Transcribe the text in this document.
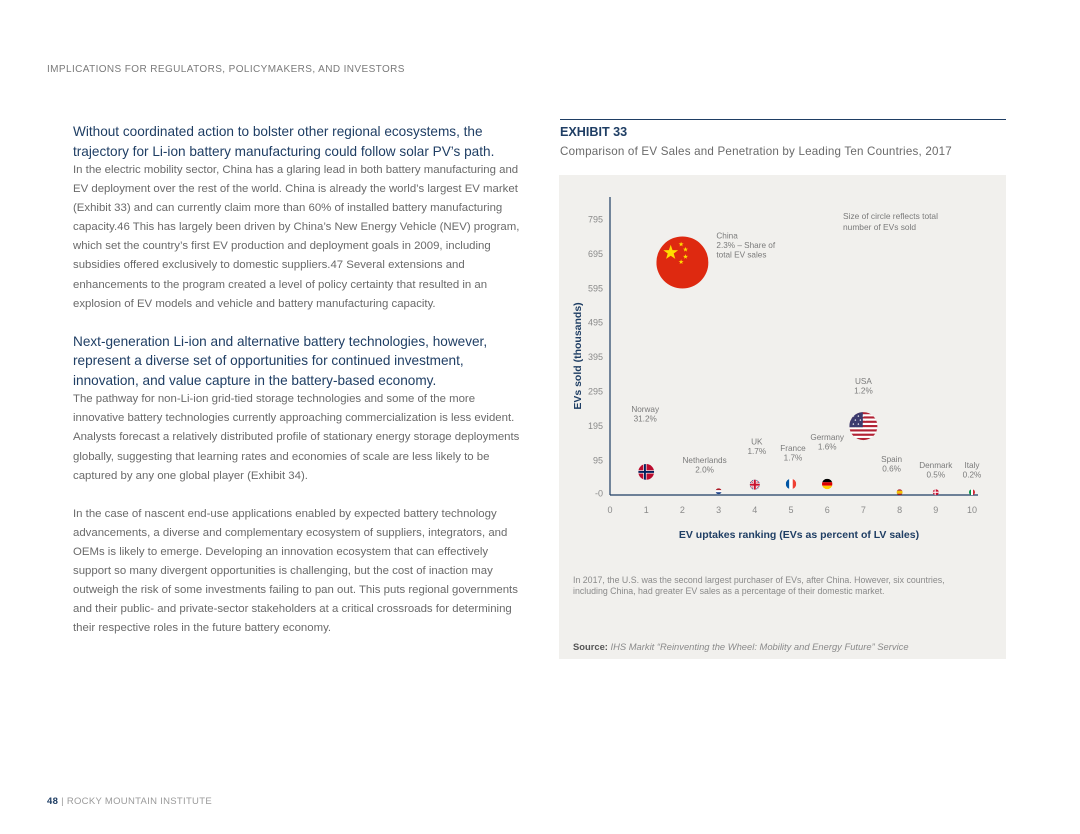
IMPLICATIONS FOR REGULATORS, POLICYMAKERS, AND INVESTORS

Without coordinated action to bolster other regional ecosystems, the trajectory for Li-ion battery manufacturing could follow solar PV’s path.

In the electric mobility sector, China has a glaring lead in both battery manufacturing and EV deployment over the rest of the world. China is already the world’s largest EV market (Exhibit 33) and can currently claim more than 60% of installed battery manufacturing capacity.46 This has largely been driven by China’s New Energy Vehicle (NEV) program, which set the country’s first EV production and deployment goals in 2009, including subsidies offered exclusively to domestic suppliers.47 Several extensions and enhancements to the program created a level of policy certainty that resulted in an explosion of EV models and vehicle and battery manufacturing capacity.

Next-generation Li-ion and alternative battery technologies, however, represent a diverse set of opportunities for continued investment, innovation, and value capture in the battery-based economy.

The pathway for non-Li-ion grid-tied storage technologies and some of the more innovative battery technologies currently approaching commercialization is less evident. Analysts forecast a relatively distributed profile of stationary energy storage deployments globally, suggesting that learning rates and economies of scale are less likely to be captured by any one global player (Exhibit 34).

In the case of nascent end-use applications enabled by expected battery technology advancements, a diverse and complementary ecosystem of suppliers, integrators, and OEMs is likely to emerge. Developing an innovation ecosystem that can effectively support so many divergent opportunities is challenging, but the cost of inaction may outweigh the risk of some investments failing to pan out. This puts regional governments and their public- and private-sector stakeholders at a critical crossroads for determining their respective roles in the future battery economy.

EXHIBIT 33
Comparison of EV Sales and Penetration by Leading Ten Countries, 2017
-0
95
195
295
395
495
595
695
795
0	1	2	3	4	5	6	7	8	9	10
EV uptakes ranking (EVs as percent of LV sales)
EVs sold (thousands)
Size of circle reflects total
number of EVs sold
China
2.3% – Share of
total EV sales
Norway
31.2%
Netherlands
2.0%
UK
1.7% France
1.7%
Germany
1.6%
USA
1.2%
Spain
0.6% Denmark
0.5%
Italy
0.2%
In 2017, the U.S. was the second largest purchaser of EVs, after China. However, six countries, including China, had greater EV sales as a percentage of their domestic market.
Source: IHS Markit “Reinventing the Wheel: Mobility and Energy Future” Service
48 | ROCKY MOUNTAIN INSTITUTE
